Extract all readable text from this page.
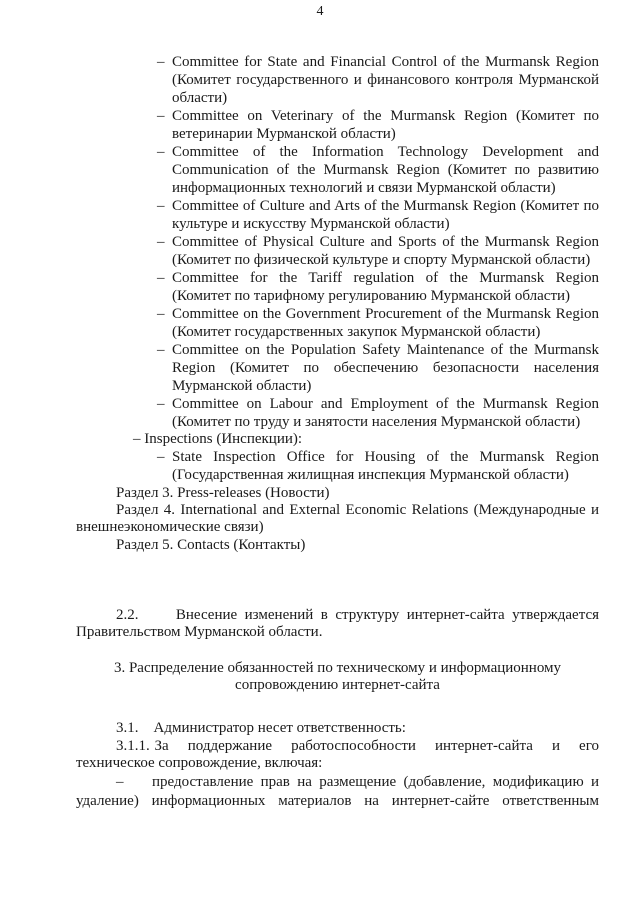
4
– Committee for State and Financial Control of the Murmansk Region
(Комитет государственного и финансового контроля Мурманской области)
– Committee on Veterinary of the Murmansk Region (Комитет по
ветеринарии Мурманской области)
– Committee of the Information Technology Development and
Communication of the Murmansk Region (Комитет по развитию
информационных технологий и связи Мурманской области)
– Committee of Culture and Arts of the Murmansk Region (Комитет по
культуре и искусству Мурманской области)
– Committee of Physical Culture and Sports of the Murmansk Region
(Комитет по физической культуре и спорту Мурманской области)
– Committee for the Tariff regulation of the Murmansk Region
(Комитет по тарифному регулированию Мурманской области)
– Committee on the Government Procurement of the Murmansk Region
(Комитет государственных закупок Мурманской области)
– Committee on the Population Safety Maintenance of the Murmansk
Region (Комитет по обеспечению безопасности населения
Мурманской области)
– Committee on Labour and Employment of the Murmansk Region
(Комитет по труду и занятости населения Мурманской области)
– Inspections (Инспекции):
– State Inspection Office for Housing of the Murmansk Region
(Государственная жилищная инспекция Мурманской области)
Раздел 3. Press-releases (Новости)
Раздел 4. International and External Economic Relations (Международные и
внешнеэкономические связи)
Раздел 5. Contacts (Контакты)
2.2.     Внесение изменений в структуру интернет-сайта утверждается
Правительством Мурманской области.
3. Распределение обязанностей по техническому и информационному
сопровождению интернет-сайта
3.1.    Администратор несет ответственность:
3.1.1. За    поддержание    работоспособности    интернет-сайта    и    его
техническое сопровождение, включая:
– предоставление прав на размещение (добавление, модификацию и
удаление) информационных материалов на интернет-сайте ответственным
